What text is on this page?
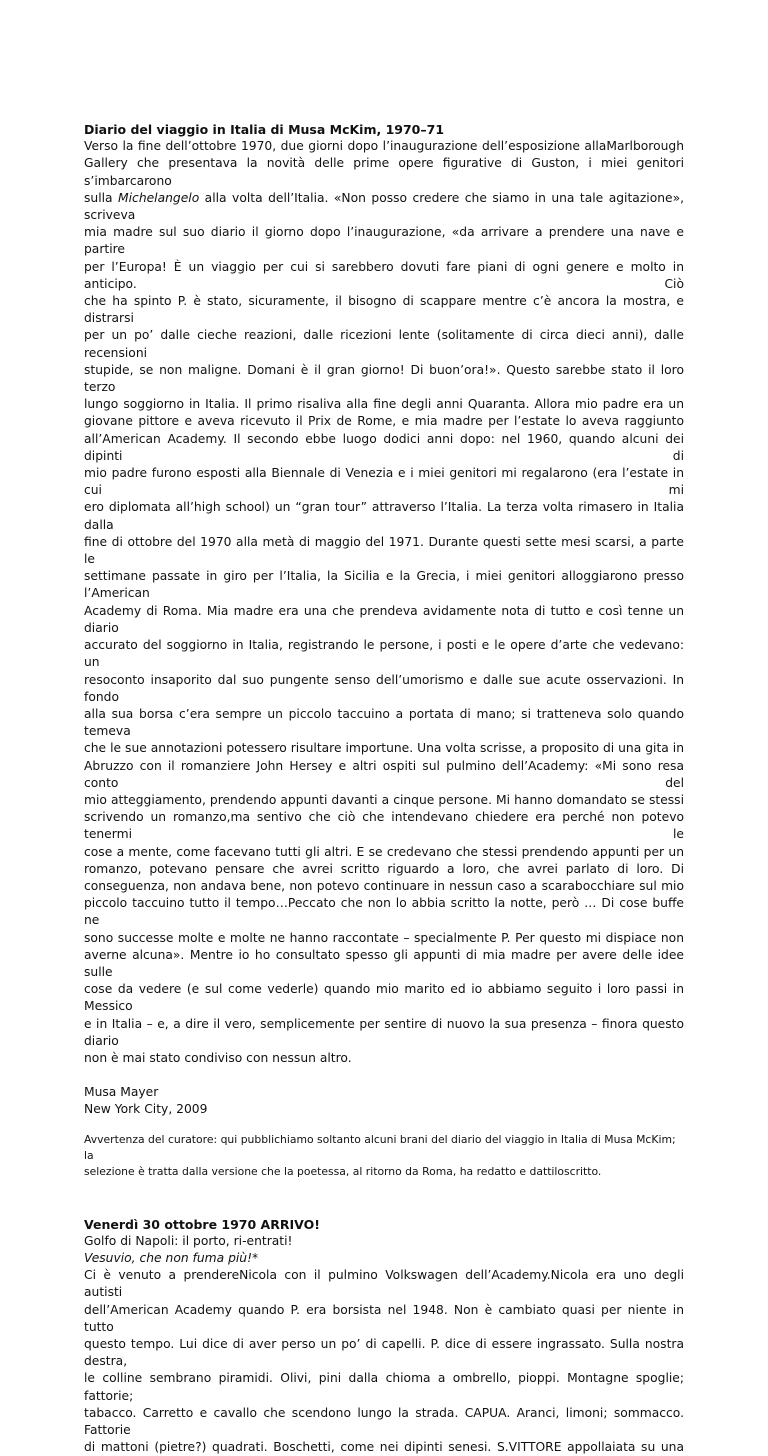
Diario del viaggio in Italia di Musa McKim, 1970–71

Verso la fine dell’ottobre 1970, due giorni dopo l’inaugurazione dell’esposizione allaMarlborough
Gallery che presentava la novità delle prime opere figurative di Guston, i miei genitori s’imbarcarono
sulla Michelangelo alla volta dell’Italia. «Non posso credere che siamo in una tale agitazione», scriveva
mia madre sul suo diario il giorno dopo l’inaugurazione, «da arrivare a prendere una nave e partire
per l’Europa! È un viaggio per cui si sarebbero dovuti fare piani di ogni genere e molto in anticipo. Ciò
che ha spinto P. è stato, sicuramente, il bisogno di scappare mentre c’è ancora la mostra, e distrarsi
per un po’ dalle cieche reazioni, dalle ricezioni lente (solitamente di circa dieci anni), dalle recensioni
stupide, se non maligne. Domani è il gran giorno! Di buon’ora!». Questo sarebbe stato il loro terzo
lungo soggiorno in Italia. Il primo risaliva alla fine degli anni Quaranta. Allora mio padre era un
giovane pittore e aveva ricevuto il Prix de Rome, e mia madre per l’estate lo aveva raggiunto
all’American Academy. Il secondo ebbe luogo dodici anni dopo: nel 1960, quando alcuni dei dipinti di
mio padre furono esposti alla Biennale di Venezia e i miei genitori mi regalarono (era l’estate in cui mi
ero diplomata all’high school) un “gran tour” attraverso l’Italia. La terza volta rimasero in Italia dalla
fine di ottobre del 1970 alla metà di maggio del 1971. Durante questi sette mesi scarsi, a parte le
settimane passate in giro per l’Italia, la Sicilia e la Grecia, i miei genitori alloggiarono presso l’American
Academy di Roma. Mia madre era una che prendeva avidamente nota di tutto e così tenne un diario
accurato del soggiorno in Italia, registrando le persone, i posti e le opere d’arte che vedevano: un
resoconto insaporito dal suo pungente senso dell’umorismo e dalle sue acute osservazioni. In fondo
alla sua borsa c’era sempre un piccolo taccuino a portata di mano; si tratteneva solo quando temeva
che le sue annotazioni potessero risultare importune. Una volta scrisse, a proposito di una gita in
Abruzzo con il romanziere John Hersey e altri ospiti sul pulmino dell’Academy: «Mi sono resa conto del
mio atteggiamento, prendendo appunti davanti a cinque persone. Mi hanno domandato se stessi
scrivendo un romanzo,ma sentivo che ciò che intendevano chiedere era perché non potevo tenermi le
cose a mente, come facevano tutti gli altri. E se credevano che stessi prendendo appunti per un
romanzo, potevano pensare che avrei scritto riguardo a loro, che avrei parlato di loro. Di
conseguenza, non andava bene, non potevo continuare in nessun caso a scarabocchiare sul mio
piccolo taccuino tutto il tempo…Peccato che non lo abbia scritto la notte, però … Di cose buffe ne
sono successe molte e molte ne hanno raccontate – specialmente P. Per questo mi dispiace non
averne alcuna». Mentre io ho consultato spesso gli appunti di mia madre per avere delle idee sulle
cose da vedere (e sul come vederle) quando mio marito ed io abbiamo seguito i loro passi in Messico
e in Italia – e, a dire il vero, semplicemente per sentire di nuovo la sua presenza – finora questo diario
non è mai stato condiviso con nessun altro.

Musa Mayer
New York City, 2009
Avvertenza del curatore: qui pubblichiamo soltanto alcuni brani del diario del viaggio in Italia di Musa McKim; la
selezione è tratta dalla versione che la poetessa, al ritorno da Roma, ha redatto e dattiloscritto.

Venerdì 30 ottobre 1970 ARRIVO!

Golfo di Napoli: il porto, ri-entrati!
Vesuvio, che non fuma più!*
Ci è venuto a prendereNicola con il pulmino Volkswagen dell’Academy.Nicola era uno degli autisti
dell’American Academy quando P. era borsista nel 1948. Non è cambiato quasi per niente in tutto
questo tempo. Lui dice di aver perso un po’ di capelli. P. dice di essere ingrassato. Sulla nostra destra,
le colline sembrano piramidi. Olivi, pini dalla chioma a ombrello, pioppi. Montagne spoglie; fattorie;
tabacco. Carretto e cavallo che scendono lungo la strada. CAPUA. Aranci, limoni; sommacco. Fattorie
di mattoni (pietre?) quadrati. Boschetti, come nei dipinti senesi. S.VITTORE appollaiata su una
